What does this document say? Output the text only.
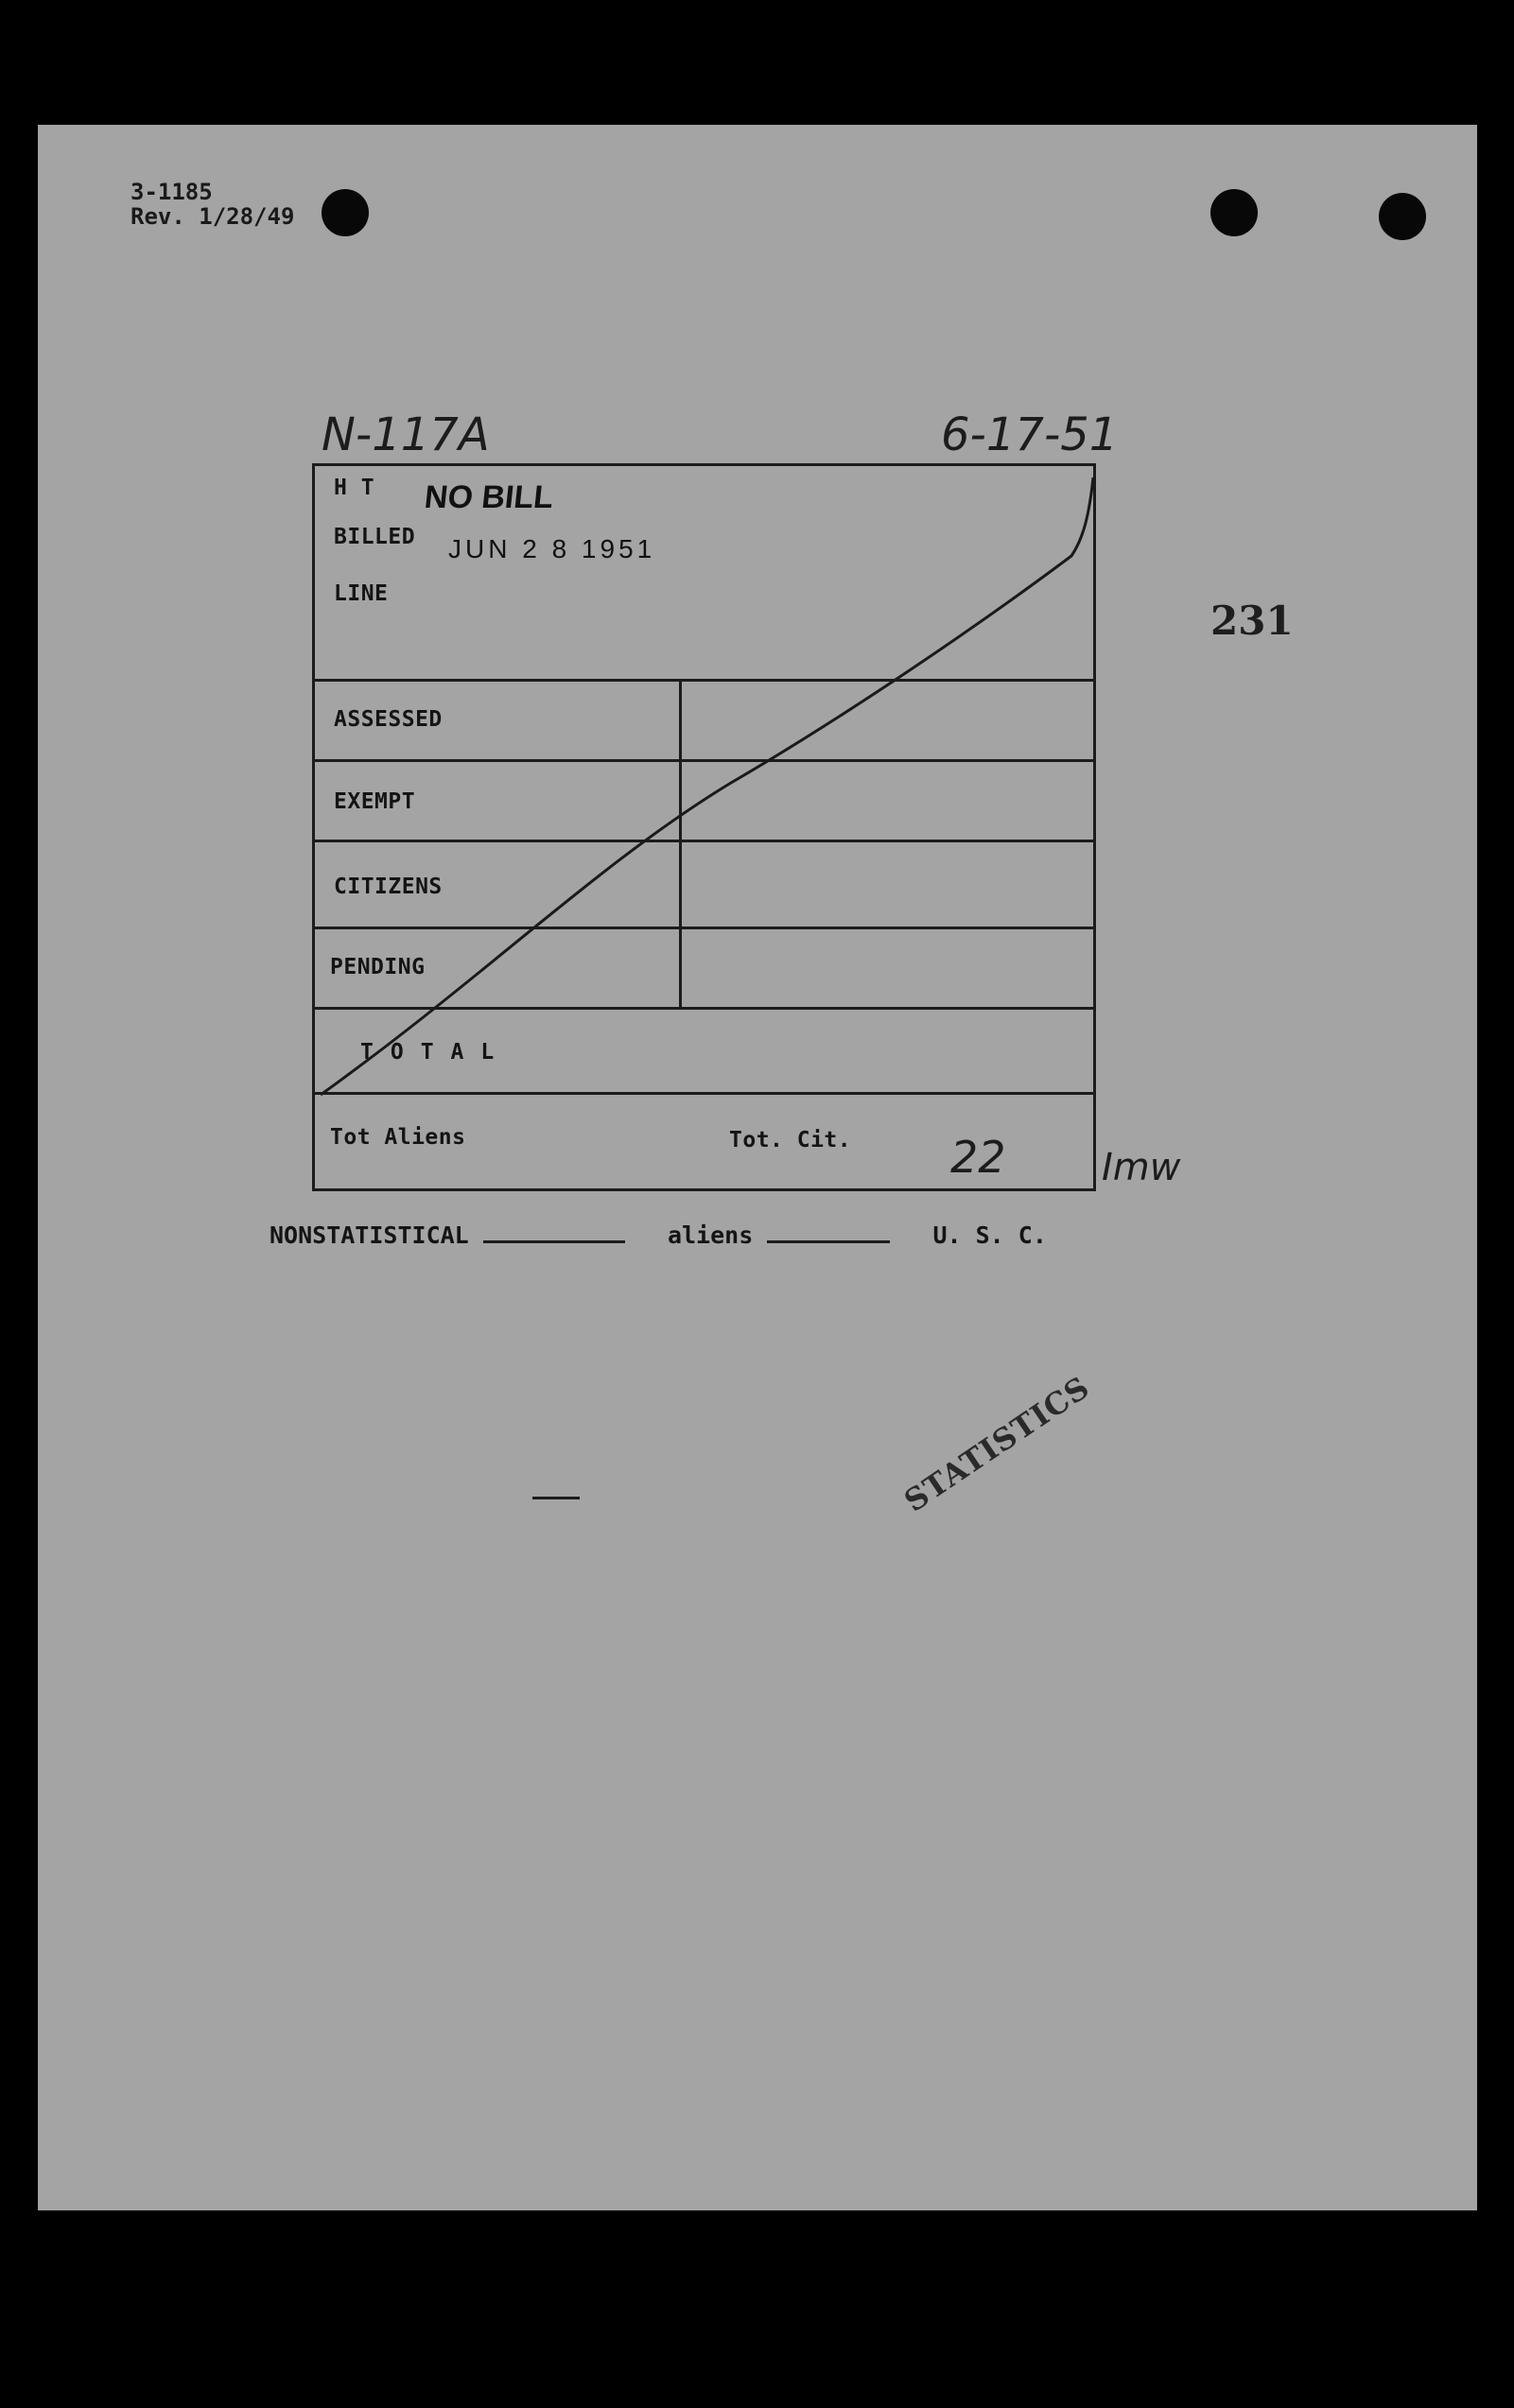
3-1185
Rev. 1/28/49
N-117A	6-17-51
231
H T NO BILL
BILLED JUN 2 8 1951
LINE
ASSESSED
EXEMPT
CITIZENS
PENDING
TOTAL
Tot Aliens	Tot. Cit. 22	Imw
NONSTATISTICAL	aliens	U. S. C.
STATISTICS
